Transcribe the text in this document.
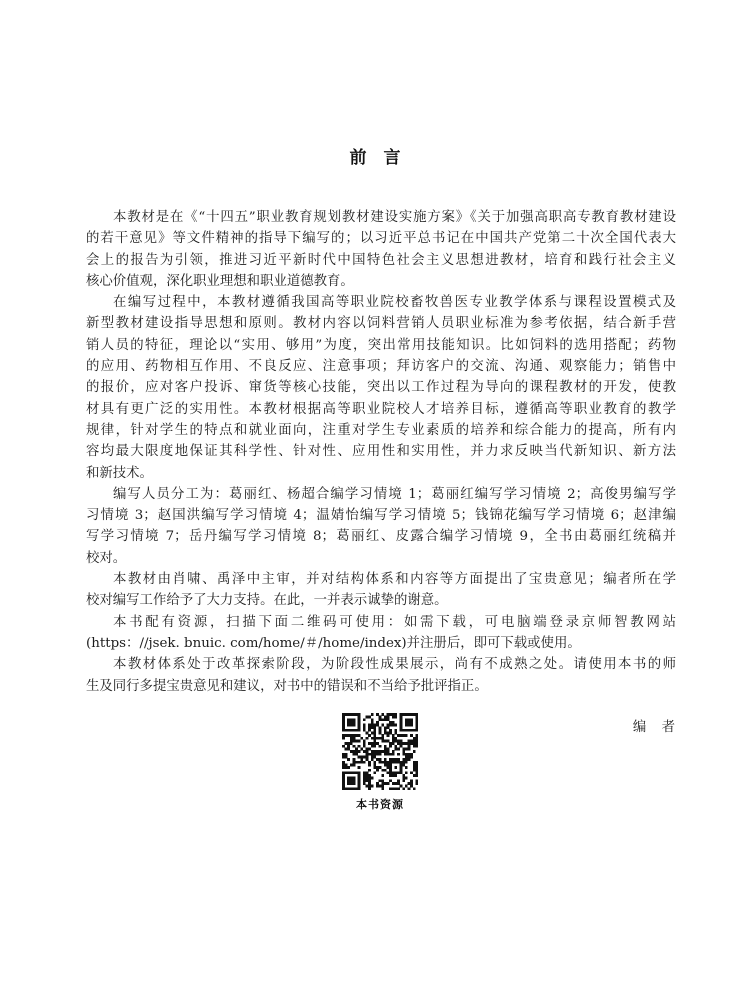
前　言
本教材是在《“十四五”职业教育规划教材建设实施方案》《关于加强高职高专教育教材建设
的若干意见》等文件精神的指导下编写的；以习近平总书记在中国共产党第二十次全国代表大
会上的报告为引领，推进习近平新时代中国特色社会主义思想进教材，培育和践行社会主义
核心价值观，深化职业理想和职业道德教育。
在编写过程中，本教材遵循我国高等职业院校畜牧兽医专业教学体系与课程设置模式及
新型教材建设指导思想和原则。教材内容以饲料营销人员职业标准为参考依据，结合新手营
销人员的特征，理论以“实用、够用”为度，突出常用技能知识。比如饲料的选用搭配；药物
的应用、药物相互作用、不良反应、注意事项；拜访客户的交流、沟通、观察能力；销售中
的报价，应对客户投诉、窜货等核心技能，突出以工作过程为导向的课程教材的开发，使教
材具有更广泛的实用性。本教材根据高等职业院校人才培养目标，遵循高等职业教育的教学
规律，针对学生的特点和就业面向，注重对学生专业素质的培养和综合能力的提高，所有内
容均最大限度地保证其科学性、针对性、应用性和实用性，并力求反映当代新知识、新方法
和新技术。
编写人员分工为：葛丽红、杨超合编学习情境 1；葛丽红编写学习情境 2；高俊男编写学
习情境 3；赵国洪编写学习情境 4；温婧怡编写学习情境 5；钱锦花编写学习情境 6；赵津编
写学习情境 7；岳丹编写学习情境 8；葛丽红、皮露合编学习情境 9，全书由葛丽红统稿并
校对。
本教材由肖啸、禹泽中主审，并对结构体系和内容等方面提出了宝贵意见；编者所在学
校对编写工作给予了大力支持。在此，一并表示诚挚的谢意。
本书配有资源，扫描下面二维码可使用：如需下载，可电脑端登录京师智教网站
(https：//jsek. bnuic. com/home/＃/home/index)并注册后，即可下载或使用。
本教材体系处于改革探索阶段，为阶段性成果展示，尚有不成熟之处。请使用本书的师
生及同行多提宝贵意见和建议，对书中的错误和不当给予批评指正。
编　者
本书资源
